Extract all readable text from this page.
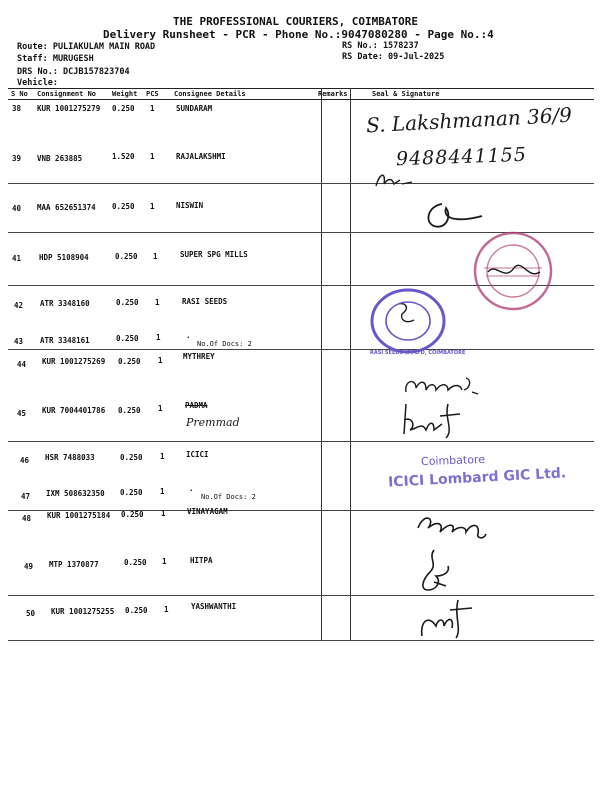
THE PROFESSIONAL COURIERS, COIMBATORE
Delivery Runsheet - PCR - Phone No.:9047080280 - Page No.:4
Route: PULIAKULAM MAIN ROAD
Staff: MURUGESH
DRS No.: DCJB157823704
Vehicle:
RS No.: 1578237
RS Date: 09-Jul-2025
S No Consignment No Weight PCS Consignee Details	Remarks	Seal & Signature
38 KUR 1001275279 0.250 1	SUNDARAM
39 VNB 263885	1.520 1	RAJALAKSHMI
40 MAA 652651374 0.250 1	NISWIN
41 HDP 5108904	0.250 1	SUPER SPG MILLS
42 ATR 3348160	0.250 1	RASI SEEDS
43 ATR 3348161	0.250 1	.
No.Of Docs: 2
44 KUR 1001275269 0.250 1	MYTHREY
45 KUR 7004401786 0.250 1	PADMA
Premmad
46 HSR 7488033	0.250 1	ICICI
47 IXM 508632350 0.250 1	.
No.Of Docs: 2
48 KUR 1001275184 0.250 1	VINAYAGAM
49 MTP 1370877	0.250 1	HITPA
50 KUR 1001275255 0.250 1	YASHWANTHI
S. Lakshmanan 36/9
9488441155
RASI SEEDS (P) LTD, COIMBATORE
Coimbatore
ICICI Lombard GIC Ltd.
